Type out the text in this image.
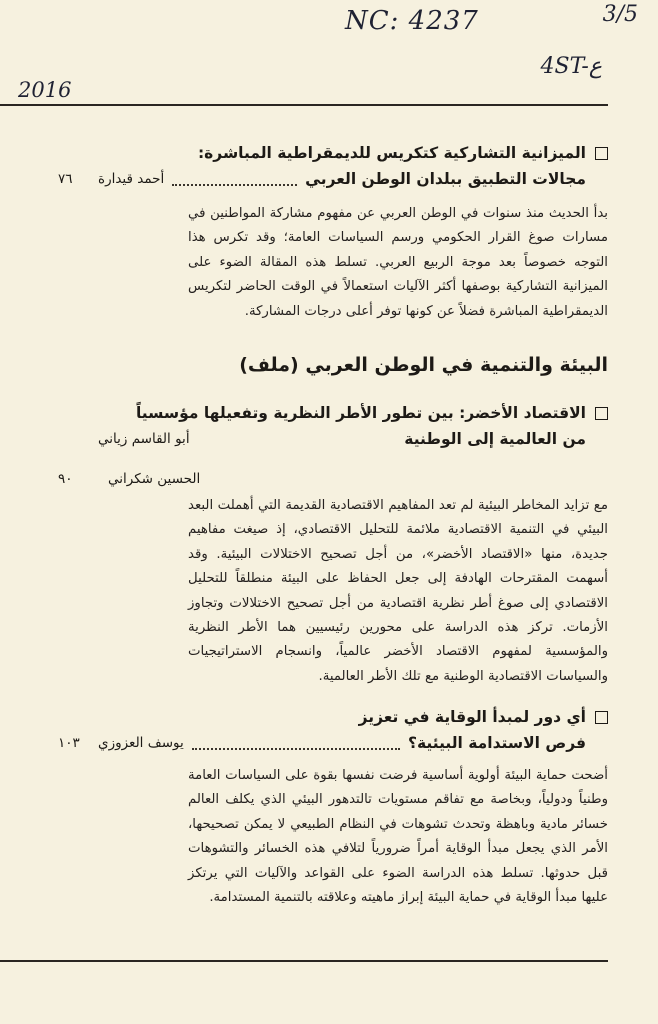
NC: 4237	3/5
4ST-ع
2016
الميزانية التشاركية كتكريس للديمقراطية المباشرة:
مجالات التطبيق ببلدان الوطن العربي
أحمد قيدارة
٧٦
بدأ الحديث منذ سنوات في الوطن العربي عن مفهوم مشاركة المواطنين في مسارات صوغ القرار الحكومي ورسم السياسات العامة؛ وقد تكرس هذا التوجه خصوصاً بعد موجة الربيع العربي. تسلط هذه المقالة الضوء على الميزانية التشاركية بوصفها أكثر الآليات استعمالاً في الوقت الحاضر لتكريس الديمقراطية المباشرة فضلاً عن كونها توفر أعلى درجات المشاركة.
البيئة والتنمية في الوطن العربي (ملف)
الاقتصاد الأخضر: بين تطور الأطر النظرية وتفعيلها مؤسسياً
من العالمية إلى الوطنية
أبو القاسم زياني
الحسين شكراني
٩٠
مع تزايد المخاطر البيئية لم تعد المفاهيم الاقتصادية القديمة التي أهملت البعد البيئي في التنمية الاقتصادية ملائمة للتحليل الاقتصادي، إذ صيغت مفاهيم جديدة، منها «الاقتصاد الأخضر»، من أجل تصحيح الاختلالات البيئية. وقد أسهمت المقترحات الهادفة إلى جعل الحفاظ على البيئة منطلقاً للتحليل الاقتصادي إلى صوغ أطر نظرية اقتصادية من أجل تصحيح الاختلالات وتجاوز الأزمات. تركز هذه الدراسة على محورين رئيسيين هما الأطر النظرية والمؤسسية لمفهوم الاقتصاد الأخضر عالمياً، وانسجام الاستراتيجيات والسياسات الاقتصادية الوطنية مع تلك الأطر العالمية.
أي دور لمبدأ الوقاية في تعزيز
فرص الاستدامة البيئية؟
يوسف العزوزي
١٠٣
أضحت حماية البيئة أولوية أساسية فرضت نفسها بقوة على السياسات العامة وطنياً ودولياً، وبخاصة مع تفاقم مستويات تالتدهور البيئي الذي يكلف العالم خسائر مادية وباهظة وتحدث تشوهات في النظام الطبيعي لا يمكن تصحيحها، الأمر الذي يجعل مبدأ الوقاية أمراً ضرورياً لتلافي هذه الخسائر والتشوهات قبل حدوثها. تسلط هذه الدراسة الضوء على القواعد والآليات التي يرتكز عليها مبدأ الوقاية في حماية البيئة إبراز ماهيته وعلاقته بالتنمية المستدامة.
